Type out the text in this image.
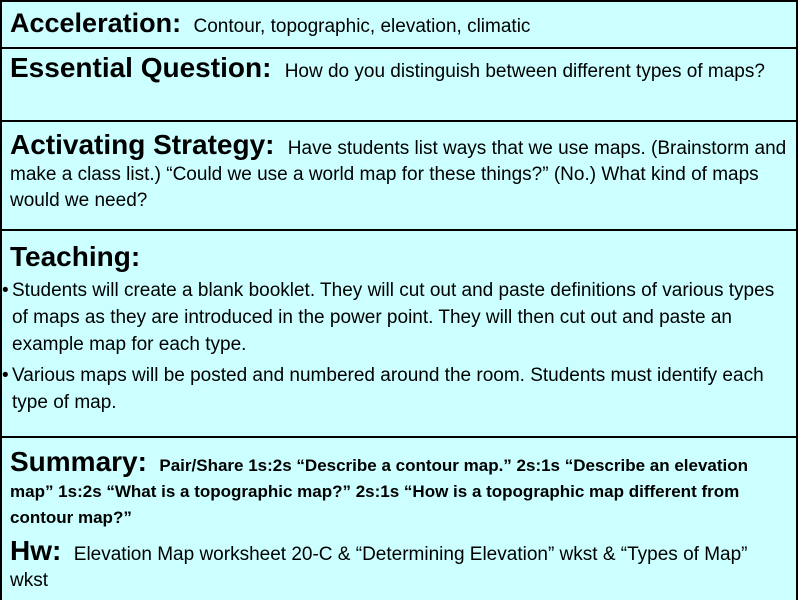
Acceleration: Contour, topographic, elevation, climatic
Essential Question: How do you distinguish between different types of maps?
Activating Strategy: Have students list ways that we use maps. (Brainstorm and make a class list.) “Could we use a world map for these things?” (No.) What kind of maps would we need?
Teaching:
• Students will create a blank booklet. They will cut out and paste definitions of various types of maps as they are introduced in the power point. They will then cut out and paste an example map for each type.
• Various maps will be posted and numbered around the room. Students must identify each type of map.
Summary: Pair/Share 1s:2s “Describe a contour map.” 2s:1s “Describe an elevation map” 1s:2s “What is a topographic map?” 2s:1s “How is a topographic map different from contour map?”
Hw: Elevation Map worksheet 20-C & “Determining Elevation” wkst & “Types of Map” wkst
